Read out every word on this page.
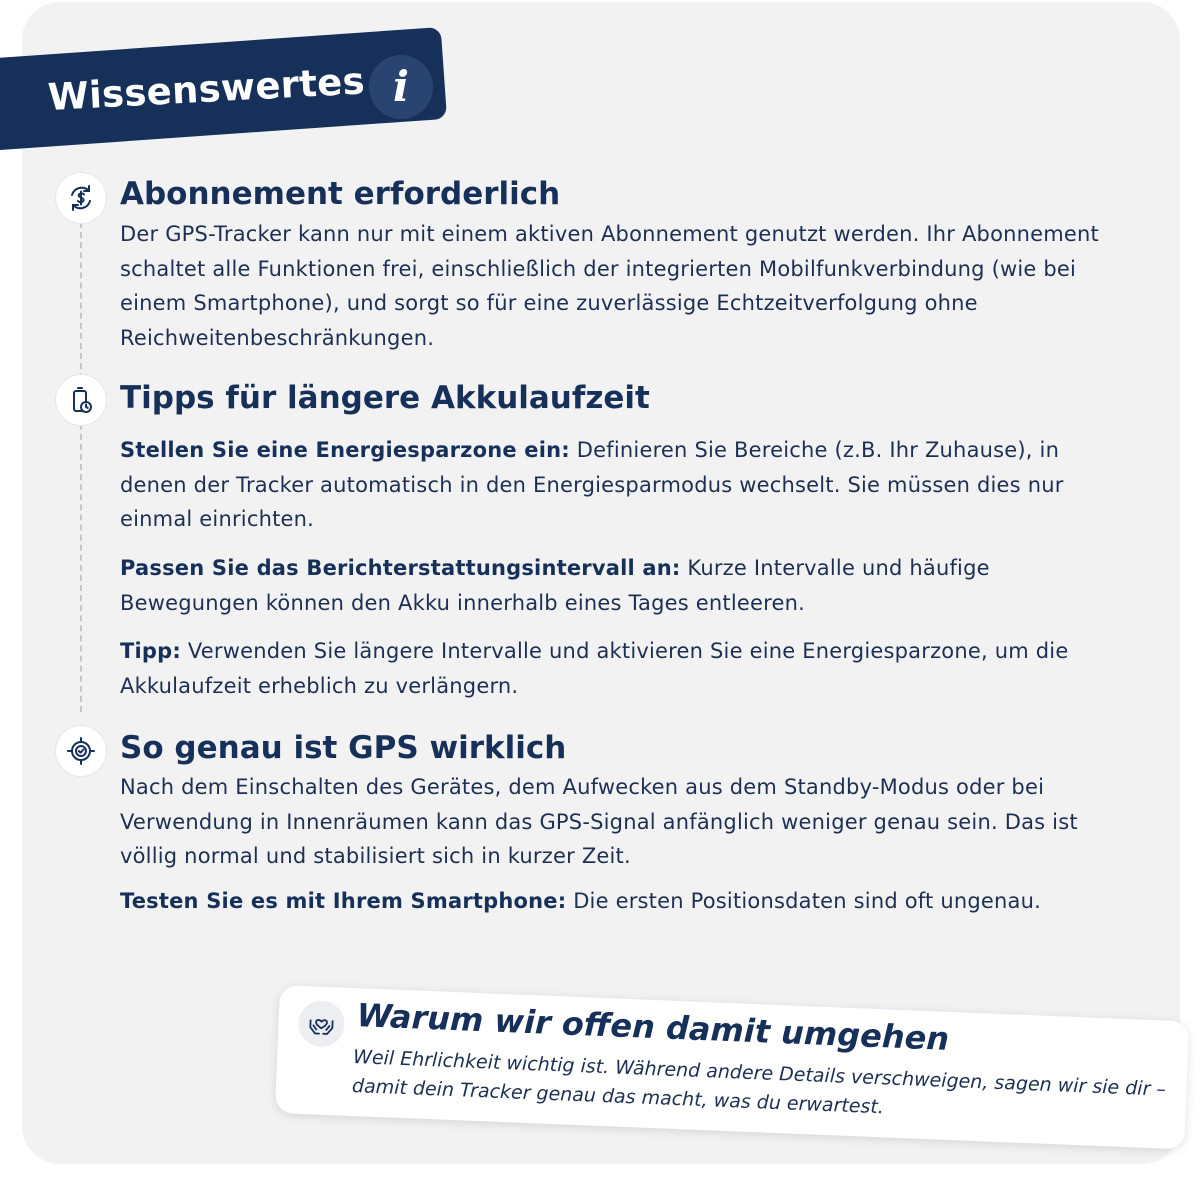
Wissenswertes i
Abonnement erforderlich

Der GPS-Tracker kann nur mit einem aktiven Abonnement genutzt werden. Ihr Abonnement schaltet alle Funktionen frei, einschließlich der integrierten Mobilfunkverbindung (wie bei einem Smartphone), und sorgt so für eine zuverlässige Echtzeitverfolgung ohne Reichweitenbeschränkungen.

Tipps für längere Akkulaufzeit

Stellen Sie eine Energiesparzone ein: Definieren Sie Bereiche (z.B. Ihr Zuhause), in denen der Tracker automatisch in den Energiesparmodus wechselt. Sie müssen dies nur einmal einrichten.

Passen Sie das Berichterstattungsintervall an: Kurze Intervalle und häufige Bewegungen können den Akku innerhalb eines Tages entleeren.

Tipp: Verwenden Sie längere Intervalle und aktivieren Sie eine Energiesparzone, um die Akkulaufzeit erheblich zu verlängern.

So genau ist GPS wirklich

Nach dem Einschalten des Gerätes, dem Aufwecken aus dem Standby-Modus oder bei Verwendung in Innenräumen kann das GPS-Signal anfänglich weniger genau sein. Das ist völlig normal und stabilisiert sich in kurzer Zeit.

Testen Sie es mit Ihrem Smartphone: Die ersten Positionsdaten sind oft ungenau.

Warum wir offen damit umgehen
Weil Ehrlichkeit wichtig ist. Während andere Details verschweigen, sagen wir sie dir – damit dein Tracker genau das macht, was du erwartest.
